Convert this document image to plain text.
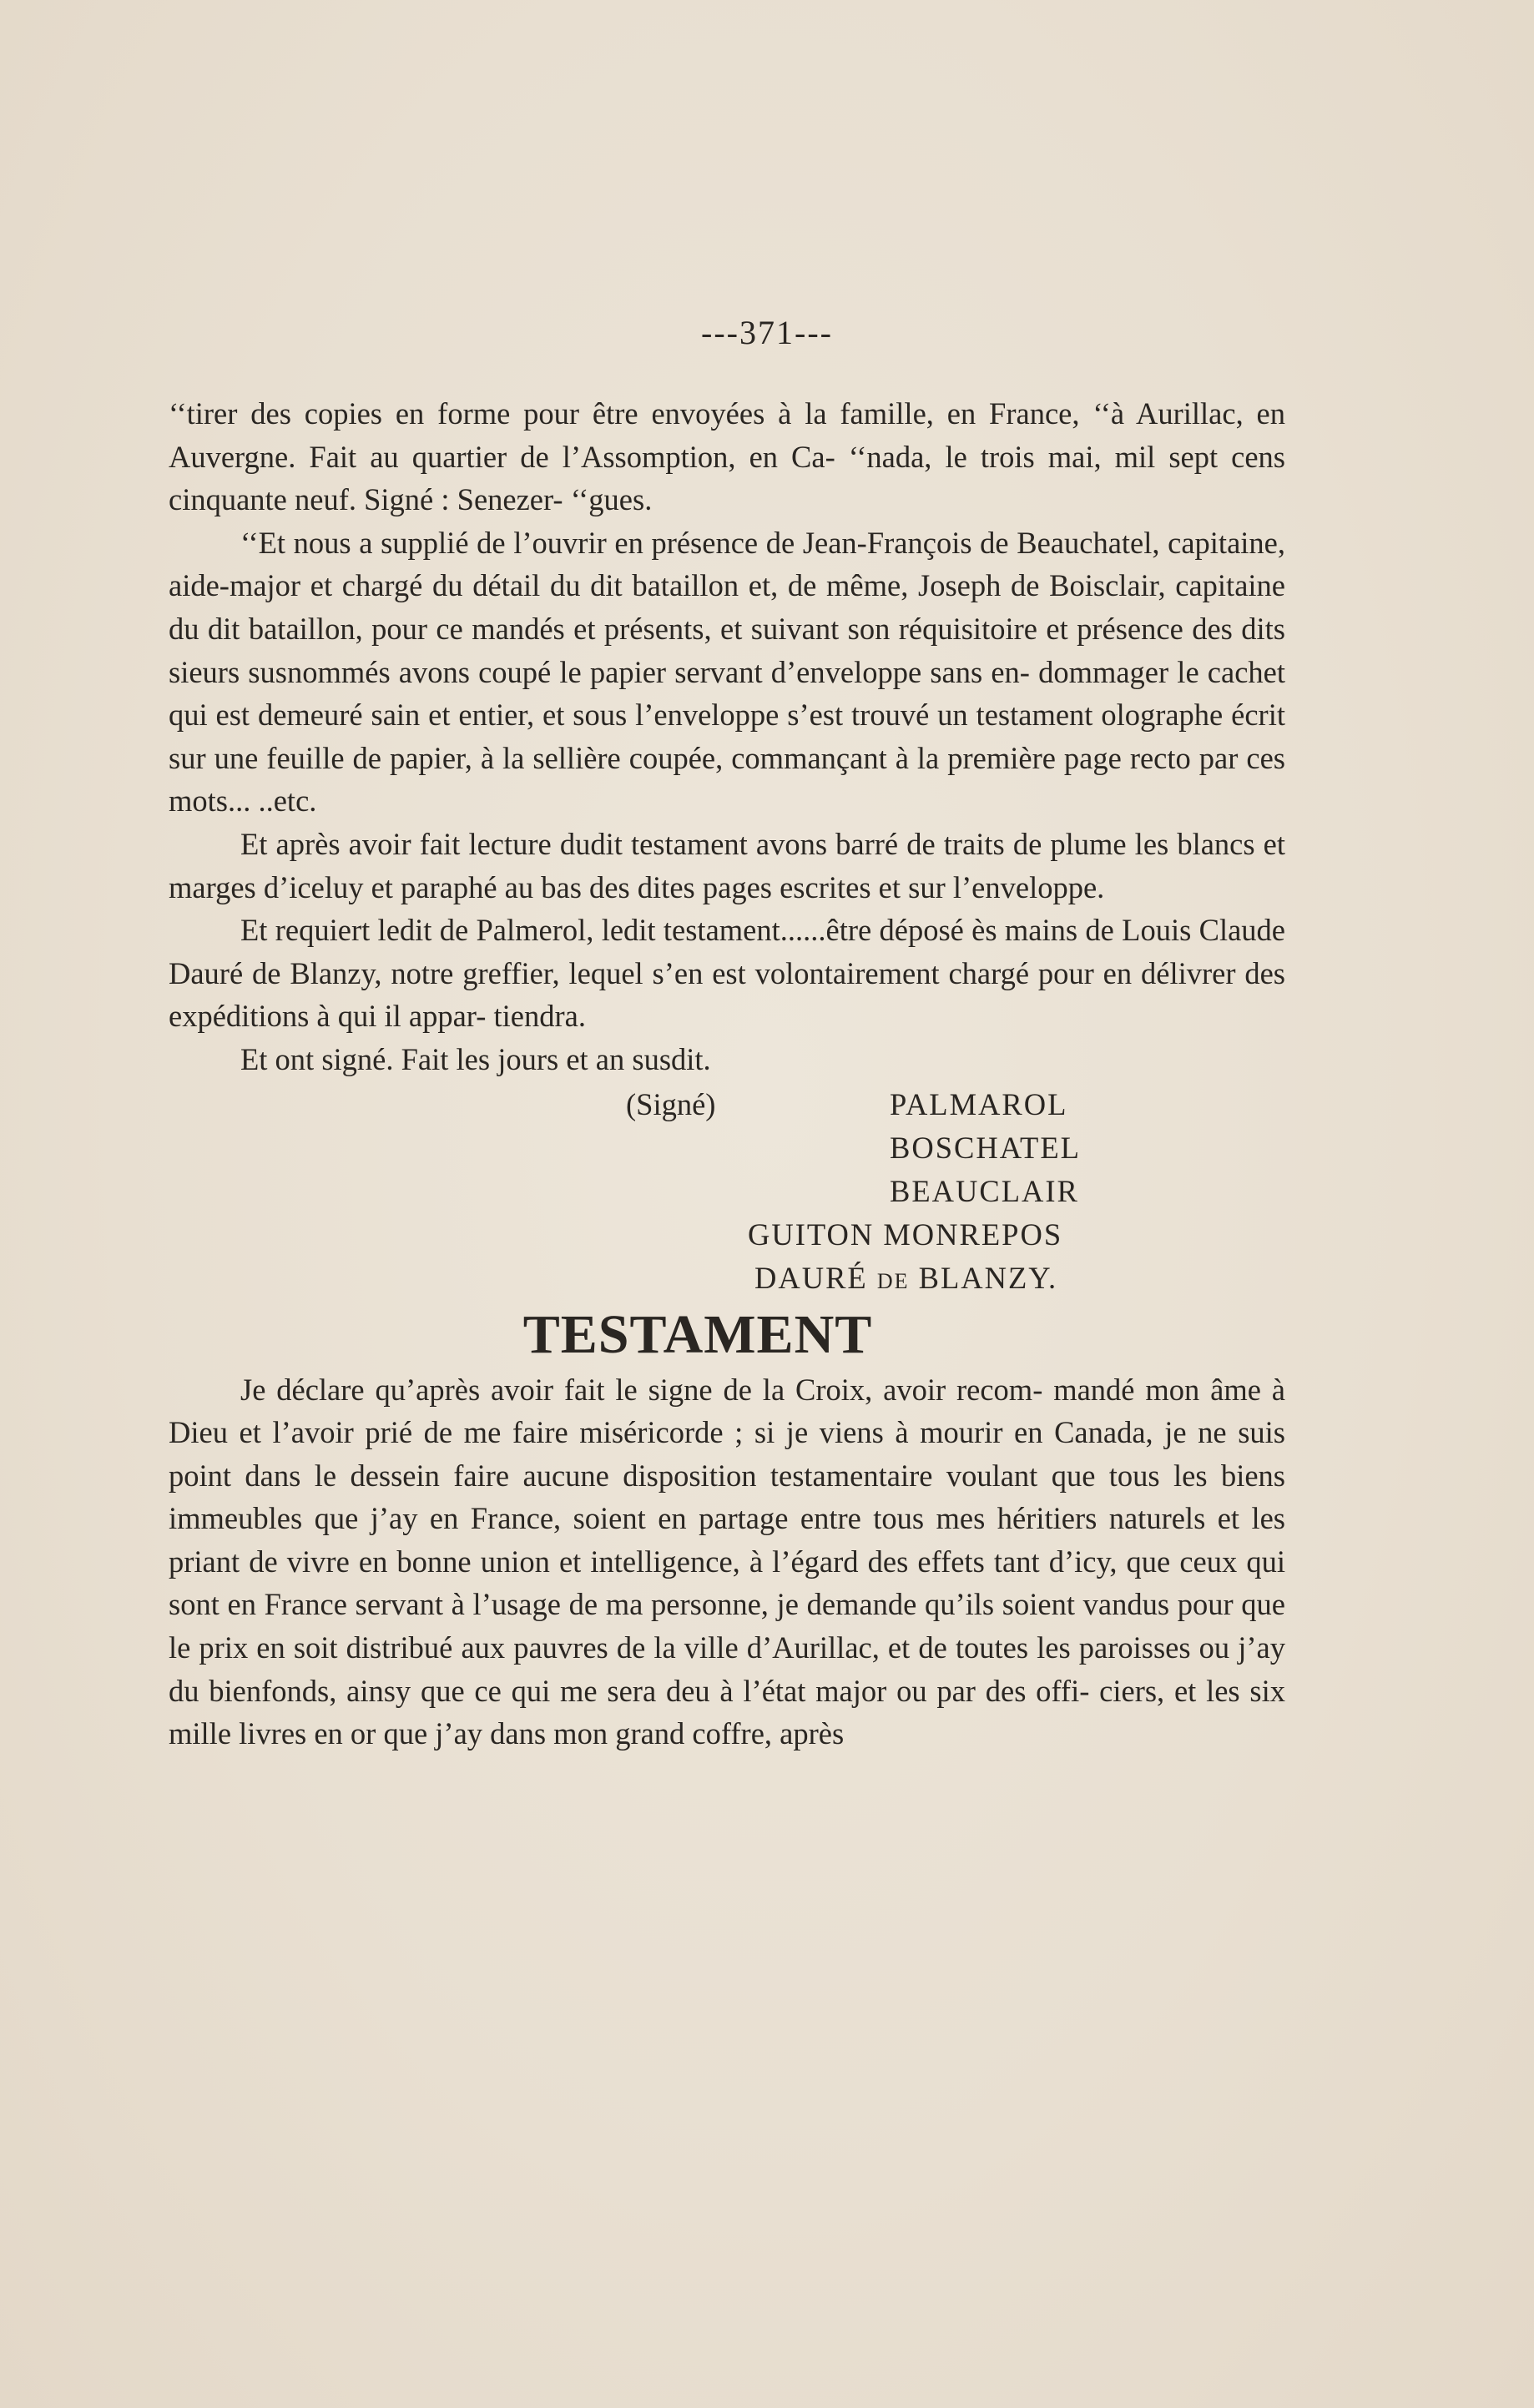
---371---

‘‘tirer des copies en forme pour être envoyées à la famille, en France, ‘‘à Aurillac, en Auvergne. Fait au quartier de l’Assomption, en Ca- ‘‘nada, le trois mai, mil sept cens cinquante neuf. Signé : Senezer- ‘‘gues.

‘‘Et nous a supplié de l’ouvrir en présence de Jean-François de Beauchatel, capitaine, aide-major et chargé du détail du dit bataillon et, de même, Joseph de Boisclair, capitaine du dit bataillon, pour ce mandés et présents, et suivant son réquisitoire et présence des dits sieurs susnommés avons coupé le papier servant d’enveloppe sans en- dommager le cachet qui est demeuré sain et entier, et sous l’enveloppe s’est trouvé un testament olographe écrit sur une feuille de papier, à la sellière coupée, commançant à la première page recto par ces mots... ..etc.

Et après avoir fait lecture dudit testament avons barré de traits de plume les blancs et marges d’iceluy et paraphé au bas des dites pages escrites et sur l’enveloppe.

Et requiert ledit de Palmerol, ledit testament......être déposé ès mains de Louis Claude Dauré de Blanzy, notre greffier, lequel s’en est volontairement chargé pour en délivrer des expéditions à qui il appar- tiendra.

Et ont signé. Fait les jours et an susdit.

(Signé)	PALMAROL
BOSCHATEL
BEAUCLAIR
GUITON MONREPOS
DAURÉ DE BLANZY.
TESTAMENT

Je déclare qu’après avoir fait le signe de la Croix, avoir recom- mandé mon âme à Dieu et l’avoir prié de me faire miséricorde ; si je viens à mourir en Canada, je ne suis point dans le dessein faire aucune disposition testamentaire voulant que tous les biens immeubles que j’ay en France, soient en partage entre tous mes héritiers naturels et les priant de vivre en bonne union et intelligence, à l’égard des effets tant d’icy, que ceux qui sont en France servant à l’usage de ma personne, je demande qu’ils soient vandus pour que le prix en soit distribué aux pauvres de la ville d’Aurillac, et de toutes les paroisses ou j’ay du bienfonds, ainsy que ce qui me sera deu à l’état major ou par des offi- ciers, et les six mille livres en or que j’ay dans mon grand coffre, après
